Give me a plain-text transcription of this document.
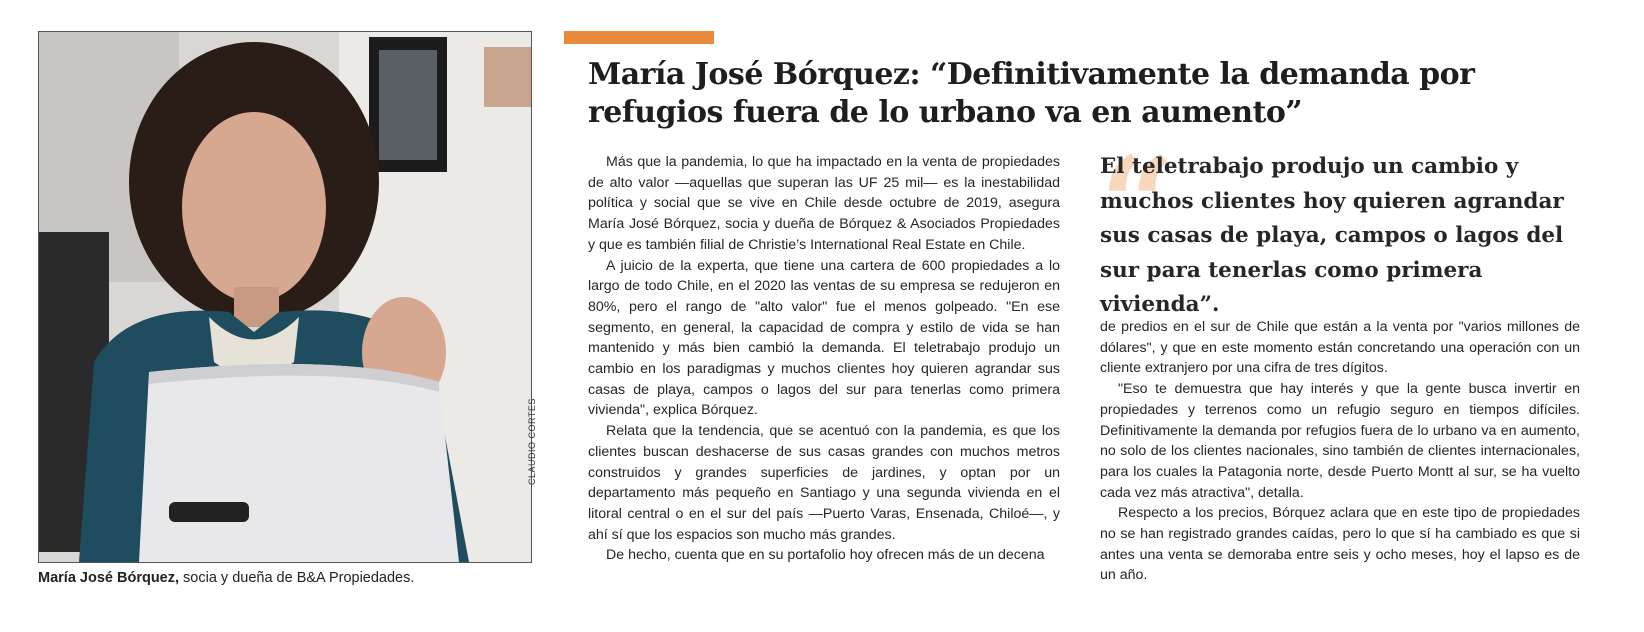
CLAUDIO CORTES
María José Bórquez, socia y dueña de B&A Propiedades.
María José Bórquez: “Definitivamente la demanda por refugios fuera de lo urbano va en aumento”

Más que la pandemia, lo que ha impactado en la venta de propiedades de alto valor —aquellas que superan las UF 25 mil— es la inestabilidad política y social que se vive en Chile desde octubre de 2019, asegura María José Bórquez, socia y dueña de Bórquez & Asociados Propiedades y que es también filial de Christie’s International Real Estate en Chile.

A juicio de la experta, que tiene una cartera de 600 propiedades a lo largo de todo Chile, en el 2020 las ventas de su empresa se redujeron en 80%, pero el rango de "alto valor" fue el menos golpeado. "En ese segmento, en general, la capacidad de compra y estilo de vida se han mantenido y más bien cambió la demanda. El teletrabajo produjo un cambio en los paradigmas y muchos clientes hoy quieren agrandar sus casas de playa, campos o lagos del sur para tenerlas como primera vivienda", explica Bórquez.

Relata que la tendencia, que se acentuó con la pandemia, es que los clientes buscan deshacerse de sus casas grandes con muchos metros construidos y grandes superficies de jardines, y optan por un departamento más pequeño en Santiago y una segunda vivienda en el litoral central o en el sur del país —Puerto Varas, Ensenada, Chiloé—, y ahí sí que los espacios son mucho más grandes.

De hecho, cuenta que en su portafolio hoy ofrecen más de un decena

“

El teletrabajo produjo un cambio y muchos clientes hoy quieren agrandar sus casas de playa, campos o lagos del sur para tenerlas como primera vivienda”.

de predios en el sur de Chile que están a la venta por "varios millones de dólares", y que en este momento están concretando una operación con un cliente extranjero por una cifra de tres dígitos.

"Eso te demuestra que hay interés y que la gente busca invertir en propiedades y terrenos como un refugio seguro en tiempos difíciles. Definitivamente la demanda por refugios fuera de lo urbano va en aumento, no solo de los clientes nacionales, sino también de clientes internacionales, para los cuales la Patagonia norte, desde Puerto Montt al sur, se ha vuelto cada vez más atractiva", detalla.

Respecto a los precios, Bórquez aclara que en este tipo de propiedades no se han registrado grandes caídas, pero lo que sí ha cambiado es que si antes una venta se demoraba entre seis y ocho meses, hoy el lapso es de un año.
